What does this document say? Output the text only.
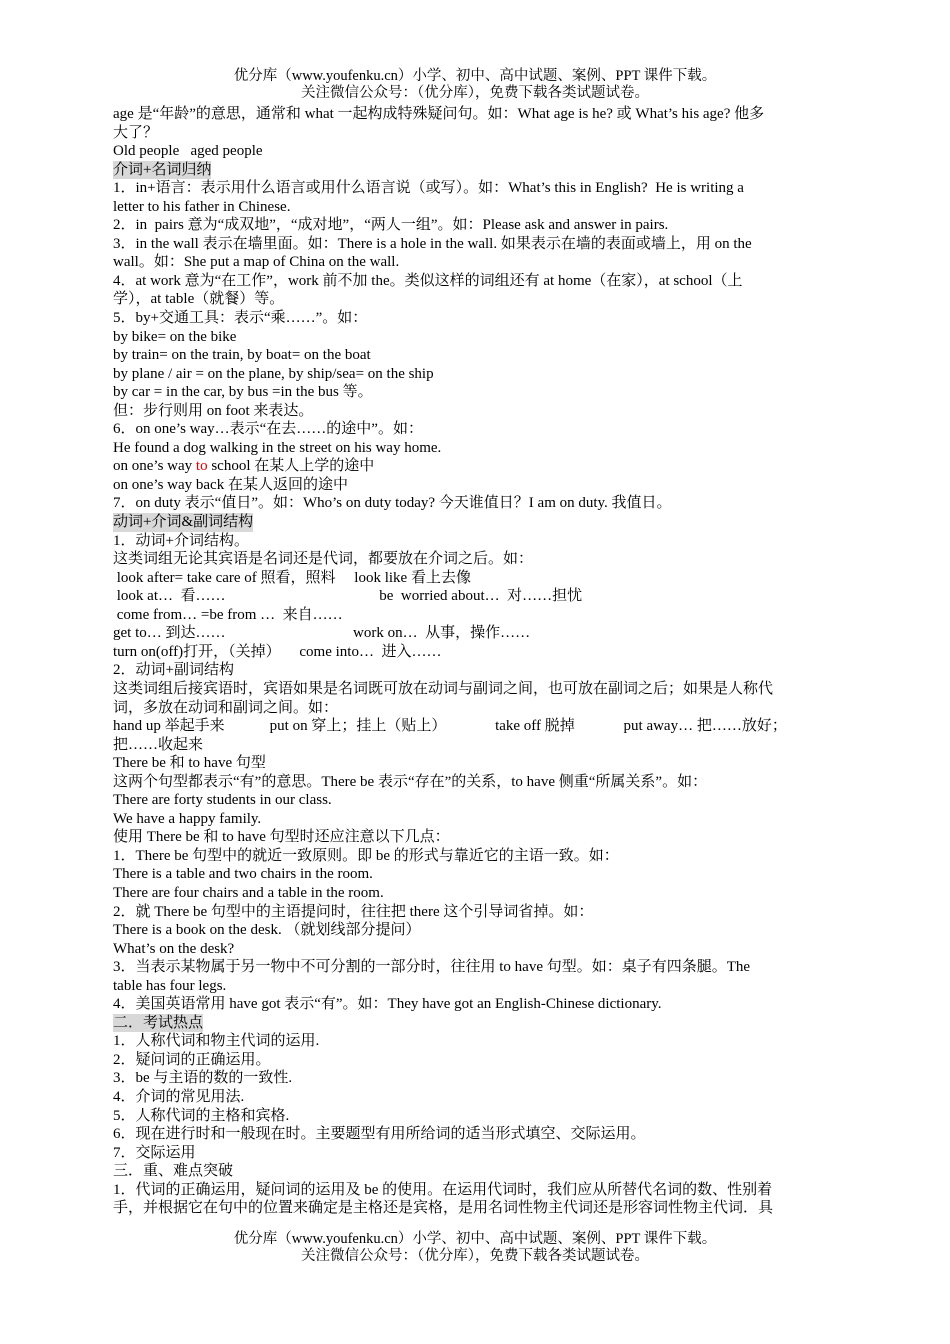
优分库（www.youfenku.cn）小学、初中、高中试题、案例、PPT 课件下载。
关注微信公众号：（优分库），免费下载各类试题试卷。
age 是“年龄”的意思，通常和 what 一起构成特殊疑问句。如：What age is he? 或 What’s his age? 他多
大了？
Old people   aged people
介词+名词归纳
1．in+语言：表示用什么语言或用什么语言说（或写）。如：What’s this in English?  He is writing a
letter to his father in Chinese.
2．in  pairs 意为“成双地”，“成对地”，“两人一组”。如：Please ask and answer in pairs.
3．in the wall 表示在墙里面。如：There is a hole in the wall. 如果表示在墙的表面或墙上，用 on the
wall。如：She put a map of China on the wall.
4．at work 意为“在工作”，work 前不加 the。类似这样的词组还有 at home（在家），at school（上
学），at table（就餐）等。
5．by+交通工具：表示“乘……”。如：
by bike= on the bike
by train= on the train, by boat= on the boat
by plane / air = on the plane, by ship/sea= on the ship
by car = in the car, by bus =in the bus 等。
但：步行则用 on foot 来表达。
6．on one’s way…表示“在去……的途中”。如：
He found a dog walking in the street on his way home.
on one’s way to school 在某人上学的途中
on one’s way back 在某人返回的途中
7．on duty 表示“值日”。如：Who’s on duty today? 今天谁值日？I am on duty. 我值日。
动词+介词&副词结构
1．动词+介词结构。
这类词组无论其宾语是名词还是代词，都要放在介词之后。如：
look after= take care of 照看，照料     look like 看上去像
look at…  看……                                         be  worried about…  对……担忧
come from… =be from …  来自……
get to… 到达……                                  work on…  从事，操作……
turn on(off)打开，（关掉）     come into…  进入……
2．动词+副词结构
这类词组后接宾语时，宾语如果是名词既可放在动词与副词之间，也可放在副词之后；如果是人称代
词，多放在动词和副词之间。如：
hand up 举起手来            put on 穿上；挂上（贴上）             take off 脱掉             put away… 把……放好；
把……收起来
There be 和 to have 句型
这两个句型都表示“有”的意思。There be 表示“存在”的关系，to have 侧重“所属关系”。如：
There are forty students in our class.
We have a happy family.
使用 There be 和 to have 句型时还应注意以下几点：
1．There be 句型中的就近一致原则。即 be 的形式与靠近它的主语一致。如：
There is a table and two chairs in the room.
There are four chairs and a table in the room.
2．就 There be 句型中的主语提问时，往往把 there 这个引导词省掉。如：
There is a book on the desk. （就划线部分提问）
What’s on the desk?
3．当表示某物属于另一物中不可分割的一部分时，往往用 to have 句型。如：桌子有四条腿。The
table has four legs.
4．美国英语常用 have got 表示“有”。如：They have got an English-Chinese dictionary.
二．考试热点
1．人称代词和物主代词的运用.
2．疑问词的正确运用。
3．be 与主语的数的一致性.
4．介词的常见用法.
5．人称代词的主格和宾格.
6．现在进行时和一般现在时。主要题型有用所给词的适当形式填空、交际运用。
7．交际运用
三．重、难点突破
1．代词的正确运用，疑问词的运用及 be 的使用。在运用代词时，我们应从所替代名词的数、性别着
手，并根据它在句中的位置来确定是主格还是宾格，是用名词性物主代词还是形容词性物主代词．具
优分库（www.youfenku.cn）小学、初中、高中试题、案例、PPT 课件下载。
关注微信公众号：（优分库），免费下载各类试题试卷。
